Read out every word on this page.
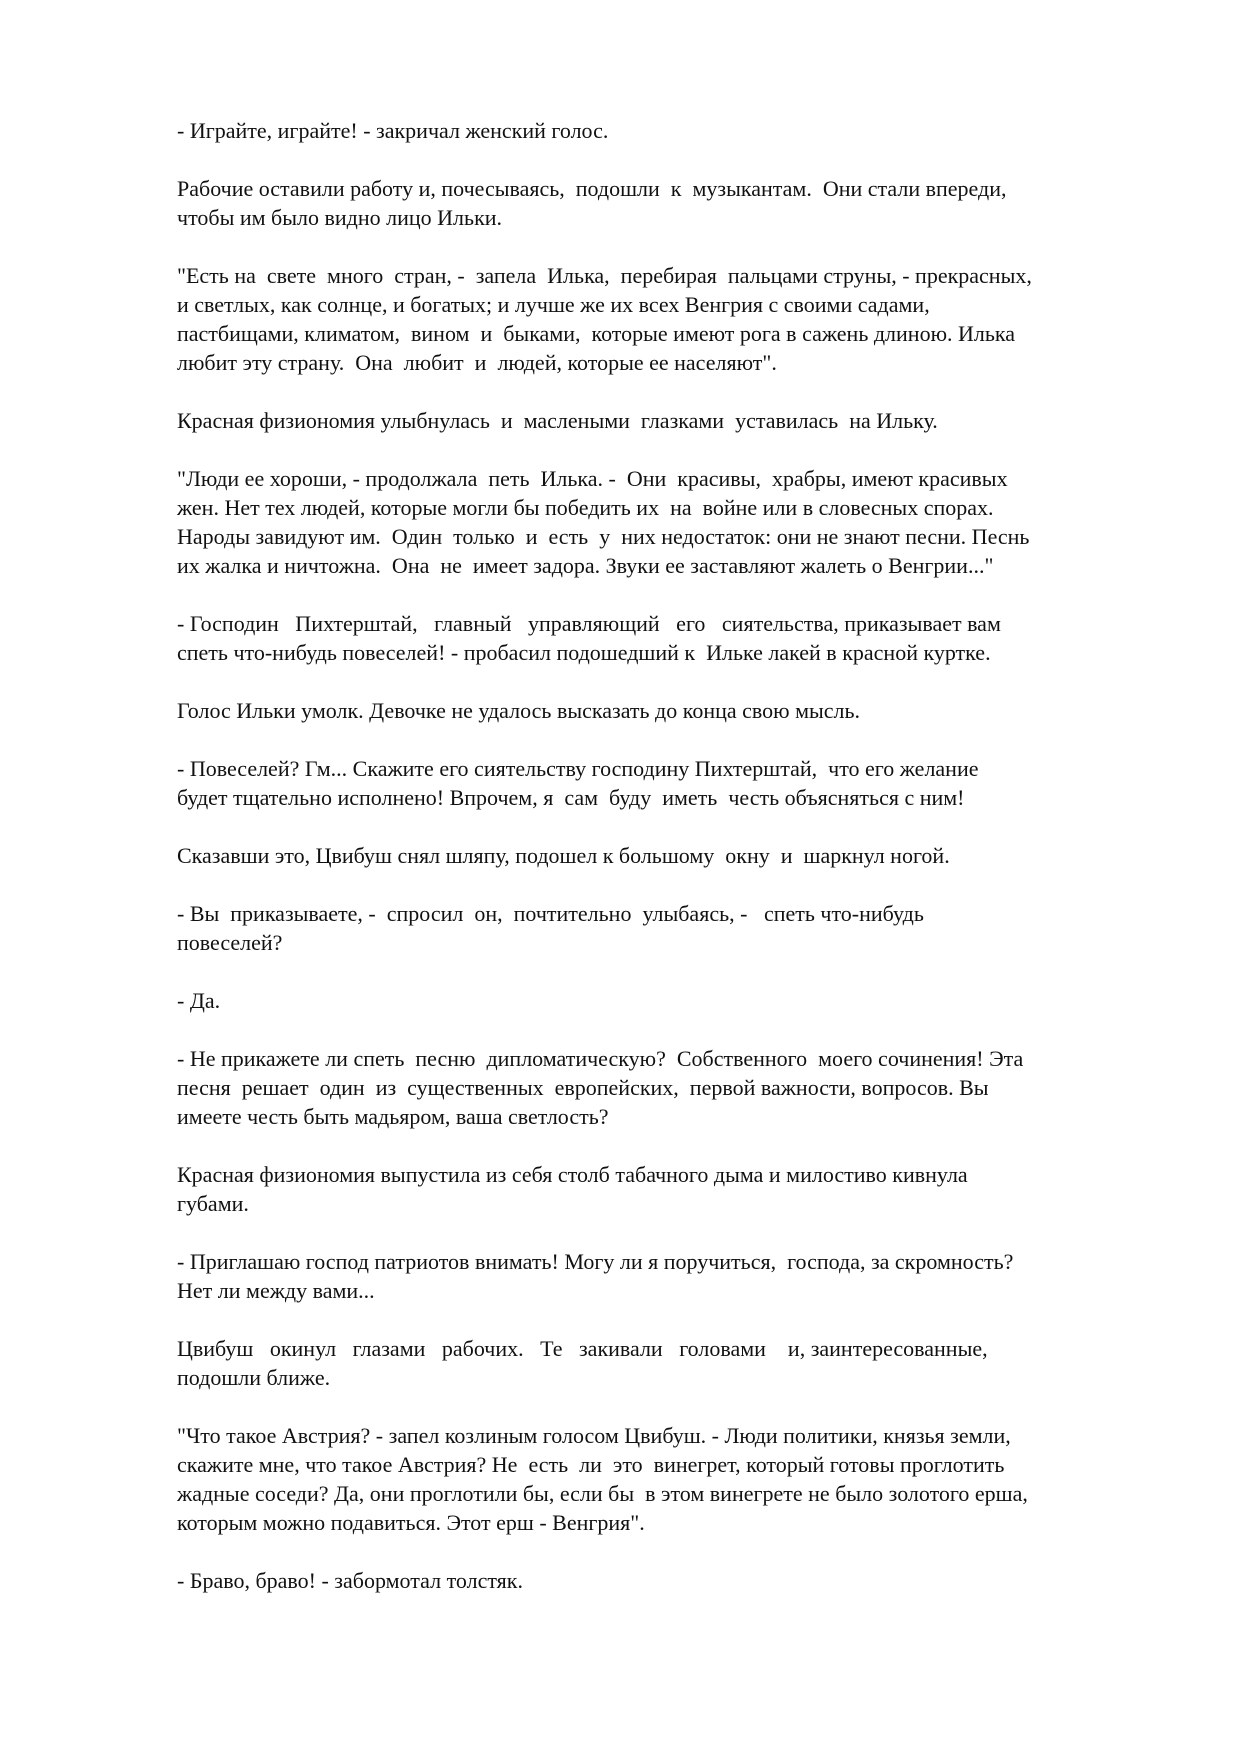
- Играйте, играйте! - закричал женский голос.

Рабочие оставили работу и, почесываясь,  подошли  к  музыкантам.  Они стали впереди,
чтобы им было видно лицо Ильки.

"Есть на  свете  много  стран, -  запела  Илька,  перебирая  пальцами струны, - прекрасных,
и светлых, как солнце, и богатых; и лучше же их всех Венгрия с своими садами,
пастбищами, климатом,  вином  и  быками,  которые имеют рога в сажень длиною. Илька
любит эту страну.  Она  любит  и  людей, которые ее населяют".

Красная физиономия улыбнулась  и  маслеными  глазками  уставилась  на Ильку.

"Люди ее хороши, - продолжала  петь  Илька. -  Они  красивы,  храбры, имеют красивых
жен. Нет тех людей, которые могли бы победить их  на  войне или в словесных спорах.
Народы завидуют им.  Один  только  и  есть  у  них недостаток: они не знают песни. Песнь
их жалка и ничтожна.  Она  не  имеет задора. Звуки ее заставляют жалеть о Венгрии..."

- Господин   Пихтерштай,   главный   управляющий   его   сиятельства, приказывает вам
спеть что-нибудь повеселей! - пробасил подошедший к  Ильке лакей в красной куртке.

Голос Ильки умолк. Девочке не удалось высказать до конца свою мысль.

- Повеселей? Гм... Скажите его сиятельству господину Пихтерштай,  что его желание
будет тщательно исполнено! Впрочем, я  сам  буду  иметь  честь объясняться с ним!

Сказавши это, Цвибуш снял шляпу, подошел к большому  окну  и  шаркнул ногой.

- Вы  приказываете, -  спросил  он,  почтительно  улыбаясь, -   спеть что-нибудь
повеселей?

- Да.

- Не прикажете ли спеть  песню  дипломатическую?  Собственного  моего сочинения! Эта
песня  решает  один  из  существенных  европейских,  первой важности, вопросов. Вы
имеете честь быть мадьяром, ваша светлость?

Красная физиономия выпустила из себя столб табачного дыма и милостиво кивнула
губами.

- Приглашаю господ патриотов внимать! Могу ли я поручиться,  господа, за скромность?
Нет ли между вами...

Цвибуш   окинул   глазами   рабочих.   Те   закивали   головами    и, заинтересованные,
подошли ближе.

"Что такое Австрия? - запел козлиным голосом Цвибуш. - Люди политики, князья земли,
скажите мне, что такое Австрия? Не  есть  ли  это  винегрет, который готовы проглотить
жадные соседи? Да, они проглотили бы, если бы  в этом винегрете не было золотого ерша,
которым можно подавиться. Этот ерш - Венгрия".

- Браво, браво! - забормотал толстяк.
